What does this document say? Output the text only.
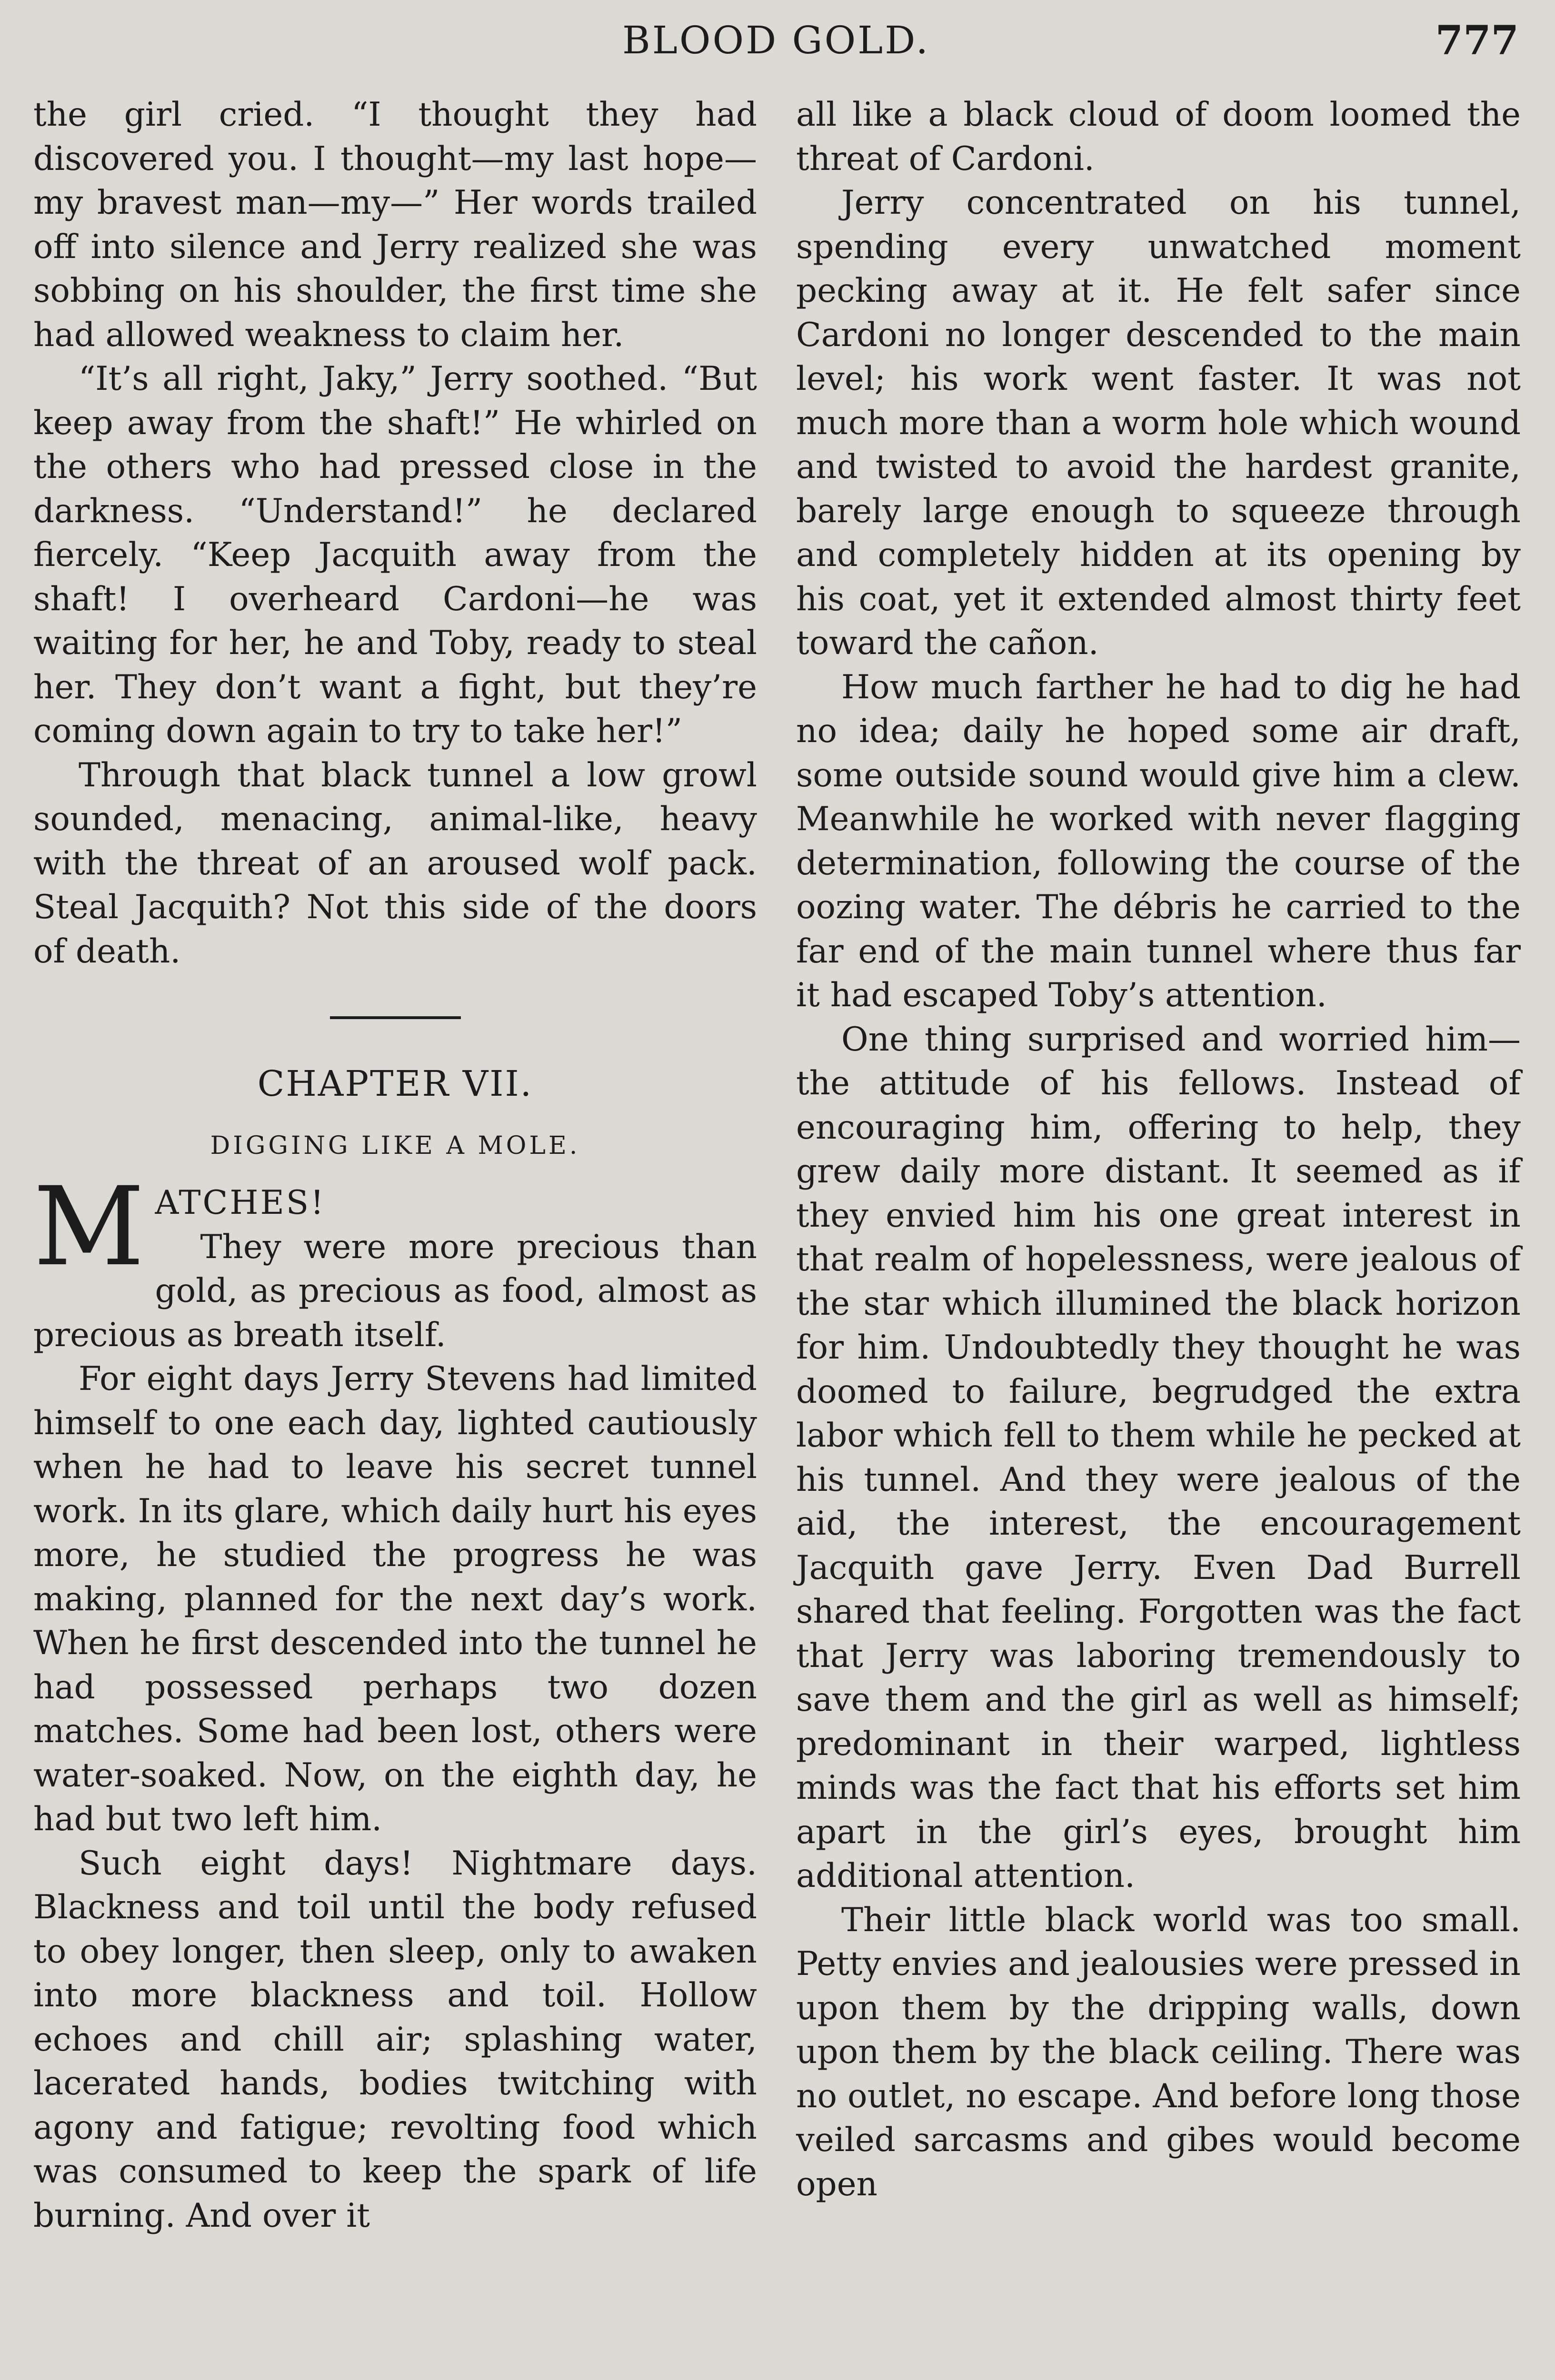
BLOOD GOLD.	777

the girl cried. “I thought they had discovered you. I thought—my last hope—my bravest man—my—” Her words trailed off into silence and Jerry realized she was sobbing on his shoulder, the first time she had allowed weakness to claim her.

“It’s all right, Jaky,” Jerry soothed. “But keep away from the shaft!” He whirled on the others who had pressed close in the darkness. “Understand!” he declared fiercely. “Keep Jacquith away from the shaft! I overheard Cardoni—he was waiting for her, he and Toby, ready to steal her. They don’t want a fight, but they’re coming down again to try to take her!”

Through that black tunnel a low growl sounded, menacing, animal-like, heavy with the threat of an aroused wolf pack. Steal Jacquith? Not this side of the doors of death.

CHAPTER VII.
DIGGING LIKE A MOLE.

MATCHES!
They were more precious than gold, as precious as food, almost as precious as breath itself.

For eight days Jerry Stevens had limited himself to one each day, lighted cautiously when he had to leave his secret tunnel work. In its glare, which daily hurt his eyes more, he studied the progress he was making, planned for the next day’s work. When he first descended into the tunnel he had possessed perhaps two dozen matches. Some had been lost, others were water-soaked. Now, on the eighth day, he had but two left him.

Such eight days! Nightmare days. Blackness and toil until the body refused to obey longer, then sleep, only to awaken into more blackness and toil. Hollow echoes and chill air; splashing water, lacerated hands, bodies twitching with agony and fatigue; revolting food which was consumed to keep the spark of life burning. And over it

all like a black cloud of doom loomed the threat of Cardoni.

Jerry concentrated on his tunnel, spending every unwatched moment pecking away at it. He felt safer since Cardoni no longer descended to the main level; his work went faster. It was not much more than a worm hole which wound and twisted to avoid the hardest granite, barely large enough to squeeze through and completely hidden at its opening by his coat, yet it extended almost thirty feet toward the cañon.

How much farther he had to dig he had no idea; daily he hoped some air draft, some outside sound would give him a clew. Meanwhile he worked with never flagging determination, following the course of the oozing water. The débris he carried to the far end of the main tunnel where thus far it had escaped Toby’s attention.

One thing surprised and worried him—the attitude of his fellows. Instead of encouraging him, offering to help, they grew daily more distant. It seemed as if they envied him his one great interest in that realm of hopelessness, were jealous of the star which illumined the black horizon for him. Undoubtedly they thought he was doomed to failure, begrudged the extra labor which fell to them while he pecked at his tunnel. And they were jealous of the aid, the interest, the encouragement Jacquith gave Jerry. Even Dad Burrell shared that feeling. Forgotten was the fact that Jerry was laboring tremendously to save them and the girl as well as himself; predominant in their warped, lightless minds was the fact that his efforts set him apart in the girl’s eyes, brought him additional attention.

Their little black world was too small. Petty envies and jealousies were pressed in upon them by the dripping walls, down upon them by the black ceiling. There was no outlet, no escape. And before long those veiled sarcasms and gibes would become open
